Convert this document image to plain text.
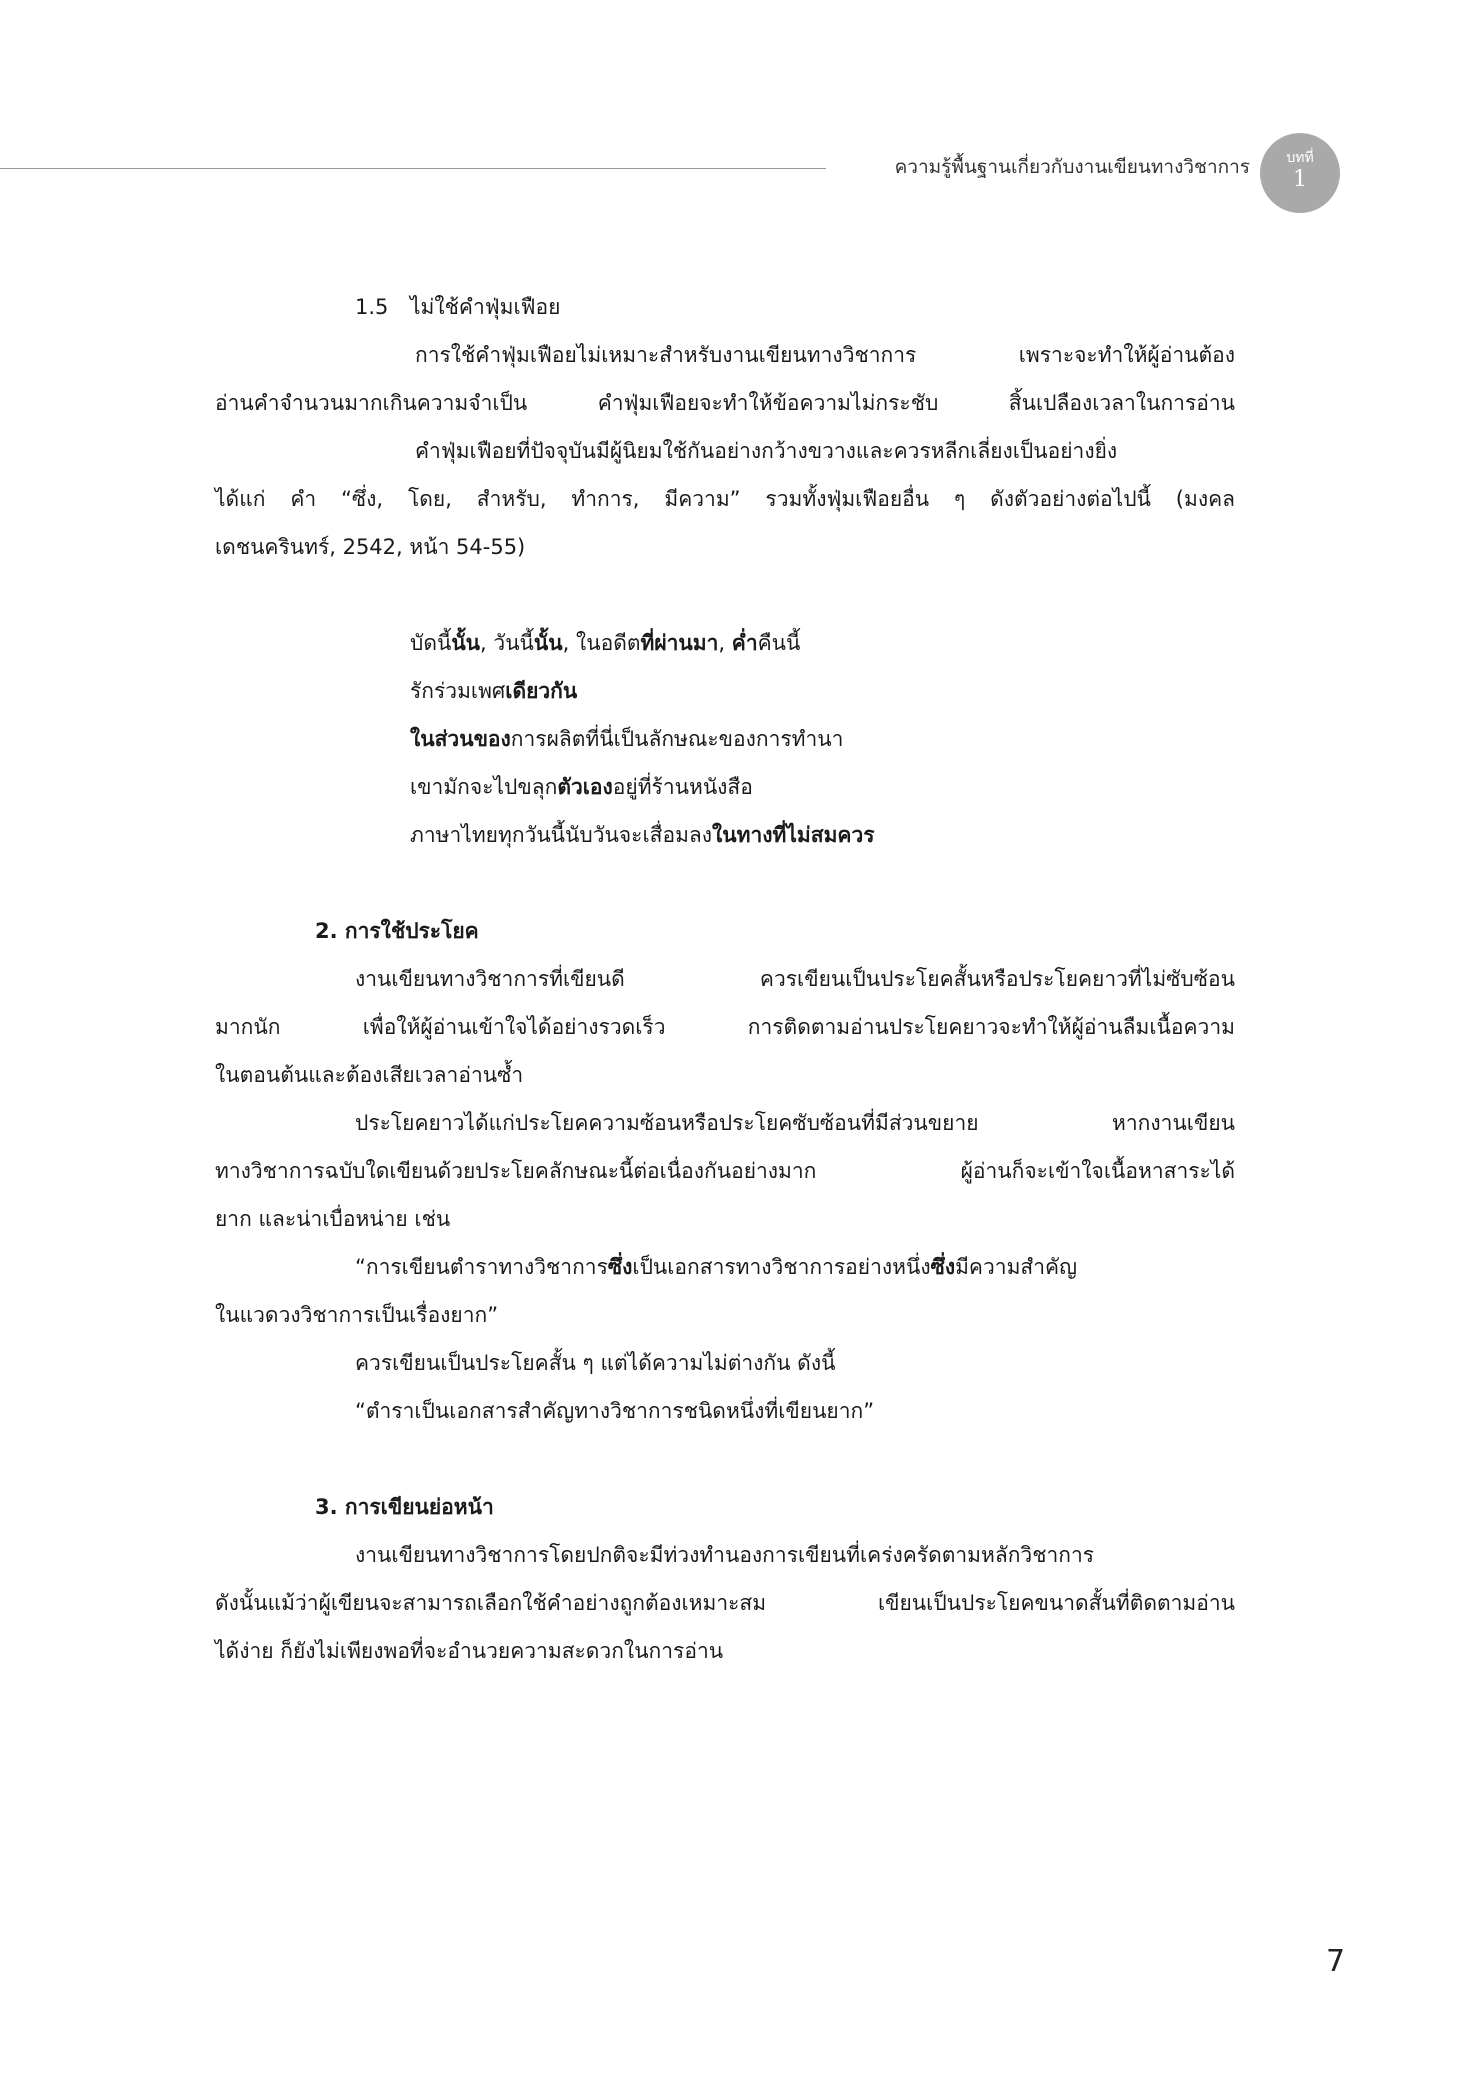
ความรู้พื้นฐานเกี่ยวกับงานเขียนทางวิชาการ	บทที่
1
1.5 ไม่ใช้คำฟุ่มเฟือย
การใช้คำฟุ่มเฟือยไม่เหมาะสำหรับงานเขียนทางวิชาการ เพราะจะทำให้ผู้อ่านต้อง
อ่านคำจำนวนมากเกินความจำเป็น คำฟุ่มเฟือยจะทำให้ข้อความไม่กระชับ สิ้นเปลืองเวลาในการอ่าน
คำฟุ่มเฟือยที่ปัจจุบันมีผู้นิยมใช้กันอย่างกว้างขวางและควรหลีกเลี่ยงเป็นอย่างยิ่ง
ได้แก่ คำ “ซึ่ง, โดย, สำหรับ, ทำการ, มีความ” รวมทั้งฟุ่มเฟือยอื่น ๆ ดังตัวอย่างต่อไปนี้ (มงคล
เดชนครินทร์, 2542, หน้า 54-55)
บัดนี้นั้น, วันนี้นั้น, ในอดีตที่ผ่านมา, ค่ำคืนนี้
รักร่วมเพศเดียวกัน
ในส่วนของการผลิตที่นี่เป็นลักษณะของการทำนา
เขามักจะไปขลุกตัวเองอยู่ที่ร้านหนังสือ
ภาษาไทยทุกวันนี้นับวันจะเสื่อมลงในทางที่ไม่สมควร
2. การใช้ประโยค
งานเขียนทางวิชาการที่เขียนดี ควรเขียนเป็นประโยคสั้นหรือประโยคยาวที่ไม่ซับซ้อน
มากนัก เพื่อให้ผู้อ่านเข้าใจได้อย่างรวดเร็ว การติดตามอ่านประโยคยาวจะทำให้ผู้อ่านลืมเนื้อความ
ในตอนต้นและต้องเสียเวลาอ่านซ้ำ
ประโยคยาวได้แก่ประโยคความซ้อนหรือประโยคซับซ้อนที่มีส่วนขยาย หากงานเขียน
ทางวิชาการฉบับใดเขียนด้วยประโยคลักษณะนี้ต่อเนื่องกันอย่างมาก ผู้อ่านก็จะเข้าใจเนื้อหาสาระได้
ยาก และน่าเบื่อหน่าย เช่น
“การเขียนตำราทางวิชาการซึ่งเป็นเอกสารทางวิชาการอย่างหนึ่งซึ่งมีความสำคัญ
ในแวดวงวิชาการเป็นเรื่องยาก”
ควรเขียนเป็นประโยคสั้น ๆ แต่ได้ความไม่ต่างกัน ดังนี้
“ตำราเป็นเอกสารสำคัญทางวิชาการชนิดหนึ่งที่เขียนยาก”
3. การเขียนย่อหน้า
งานเขียนทางวิชาการโดยปกติจะมีท่วงทำนองการเขียนที่เคร่งครัดตามหลักวิชาการ
ดังนั้นแม้ว่าผู้เขียนจะสามารถเลือกใช้คำอย่างถูกต้องเหมาะสม เขียนเป็นประโยคขนาดสั้นที่ติดตามอ่าน
ได้ง่าย ก็ยังไม่เพียงพอที่จะอำนวยความสะดวกในการอ่าน
7
